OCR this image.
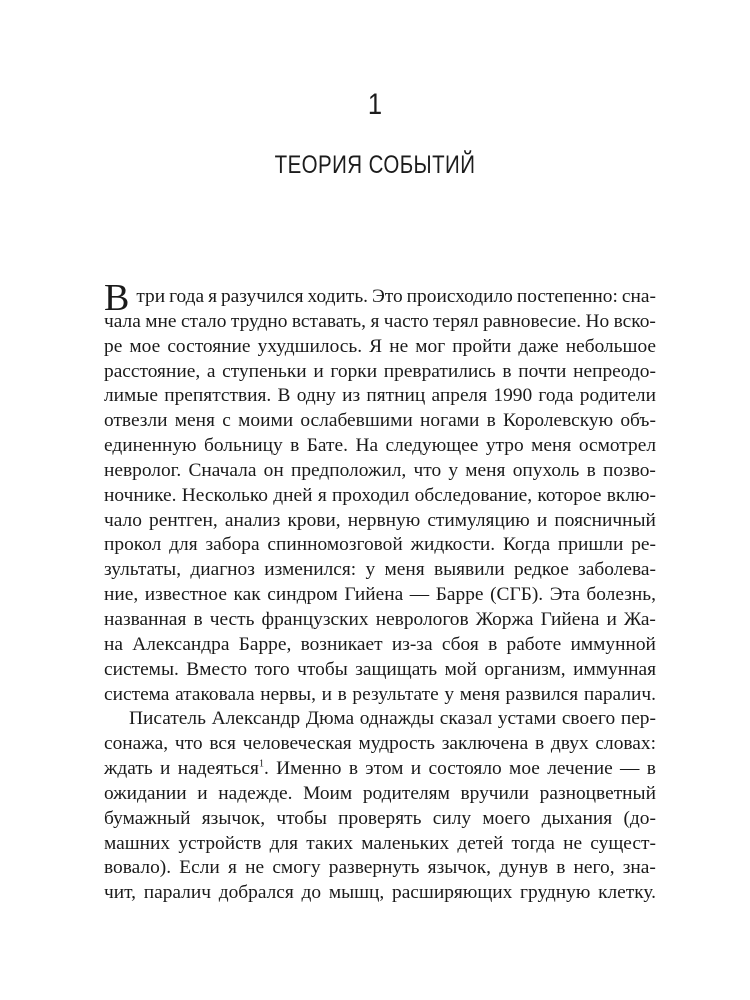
1
ТЕОРИЯ СОБЫТИЙ
В три года я разучился ходить. Это происходило постепенно: сна-
чала мне стало трудно вставать, я часто терял равновесие. Но вско-
ре мое состояние ухудшилось. Я не мог пройти даже небольшое
расстояние, а ступеньки и горки превратились в почти непреодо-
лимые препятствия. В одну из пятниц апреля 1990 года родители
отвезли меня с моими ослабевшими ногами в Королевскую объ-
единенную больницу в Бате. На следующее утро меня осмотрел
невролог. Сначала он предположил, что у меня опухоль в позво-
ночнике. Несколько дней я проходил обследование, которое вклю-
чало рентген, анализ крови, нервную стимуляцию и поясничный
прокол для забора спинномозговой жидкости. Когда пришли ре-
зультаты, диагноз изменился: у меня выявили редкое заболева-
ние, известное как синдром Гийена — Барре (СГБ). Эта болезнь,
названная в честь французских неврологов Жоржа Гийена и Жа-
на Александра Барре, возникает из-за сбоя в работе иммунной
системы. Вместо того чтобы защищать мой организм, иммунная
система атаковала нервы, и в результате у меня развился паралич.
Писатель Александр Дюма однажды сказал устами своего пер-
сонажа, что вся человеческая мудрость заключена в двух словах:
ждать и надеяться$^1$. Именно в этом и состояло мое лечение — в
ожидании и надежде. Моим родителям вручили разноцветный
бумажный язычок, чтобы проверять силу моего дыхания (до-
машних устройств для таких маленьких детей тогда не сущест-
вовало). Если я не смогу развернуть язычок, дунув в него, зна-
чит, паралич добрался до мышц, расширяющих грудную клетку.
